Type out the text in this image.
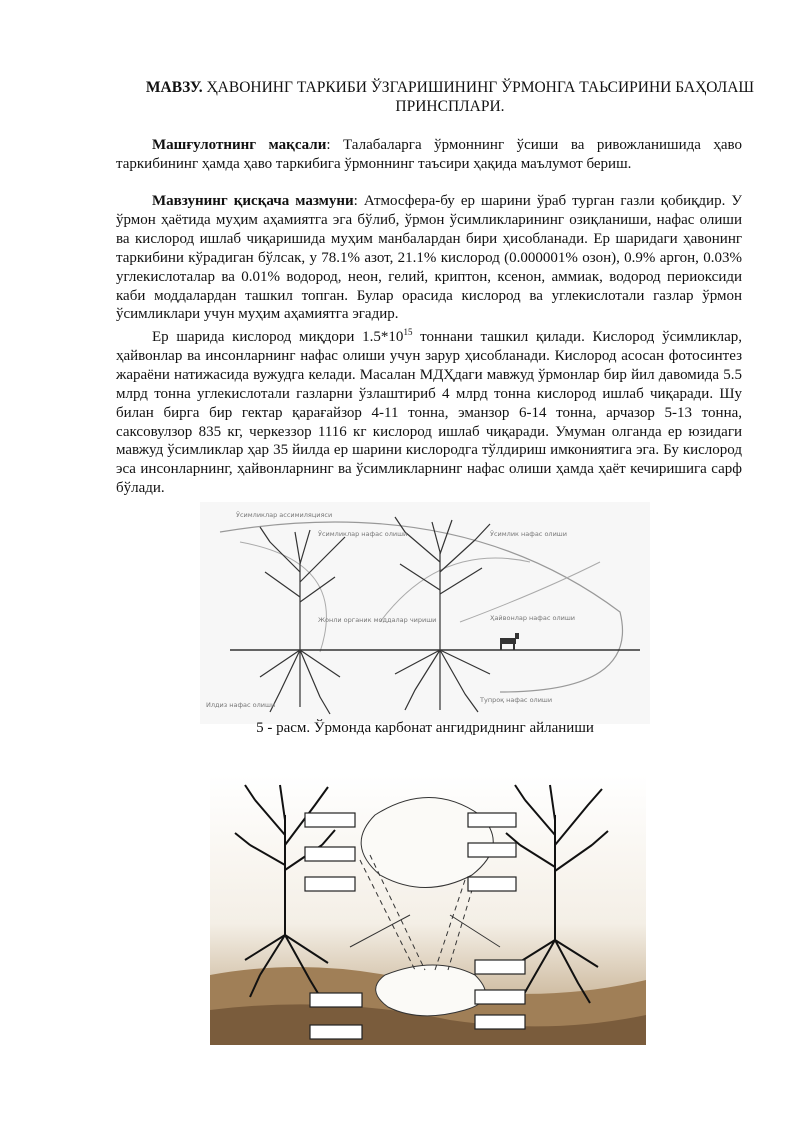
МАВЗУ. ҲАВОНИНГ ТАРКИБИ ЎЗГАРИШИНИНГ ЎРМОНГА ТАЬСИРИНИ БАҲОЛАШ ПРИНСПЛАРИ.

Машғулотнинг мақсали: Талабаларга ўрмоннинг ўсиши ва ривожланишида ҳаво таркибининг ҳамда ҳаво таркибига ўрмоннинг таъсири ҳақида маълумот бериш.

Мавзунинг қисқача мазмуни: Атмосфера-бу ер шарини ўраб турган газли қобиқдир. У ўрмон ҳаётида муҳим аҳамиятга эга бўлиб, ўрмон ўсимликларининг озиқланиши, нафас олиши ва кислород ишлаб чиқаришида муҳим манбалардан бири ҳисобланади. Ер шаридаги ҳавонинг таркибини кўрадиган бўлсак, у 78.1% азот, 21.1% кислород (0.000001% озон), 0.9% аргон, 0.03% углекислоталар ва 0.01% водород, неон, гелий, криптон, ксенон, аммиак, водород периоксиди каби моддалардан ташкил топган. Булар орасида кислород ва углекислотали газлар ўрмон ўсимликлари учун муҳим аҳамиятга эгадир.

Ер шарида кислород миқдори $1.5*10^{15}$ тоннани ташкил қилади. Кислород ўсимликлар, ҳайвонлар ва инсонларнинг нафас олиши учун зарур ҳисобланади. Кислород асосан фотосинтез жараёни натижасида вужудга келади. Масалан МДҲдаги мавжуд ўрмонлар бир йил давомида 5.5 млрд тонна углекислотали газларни ўзлаштириб 4 млрд тонна кислород ишлаб чиқаради. Шу билан бирга бир гектар қарағайзор 4-11 тонна, эманзор 6-14 тонна, арчазор 5-13 тонна, саксовулзор 835 кг, черкеззор 1116 кг кислород ишлаб чиқаради. Умуман олганда ер юзидаги мавжуд ўсимликлар ҳар 35 йилда ер шарини кислородга тўлдириш имкониятига эга. Бу кислород эса инсонларнинг, ҳайвонларнинг ва ўсимликларнинг нафас олиши ҳамда ҳаёт кечиришига сарф бўлади.

Ўсимликлар ассимиляцияси
Ўсимликлар нафас олиши	Ўсимлик нафас олиши
Жонли органик моддалар чириши	Ҳайвонлар нафас олиши
Илдиз нафас олиши
Тупроқ нафас олиши
5 - расм. Ўрмонда карбонат ангидриднинг айланиши
